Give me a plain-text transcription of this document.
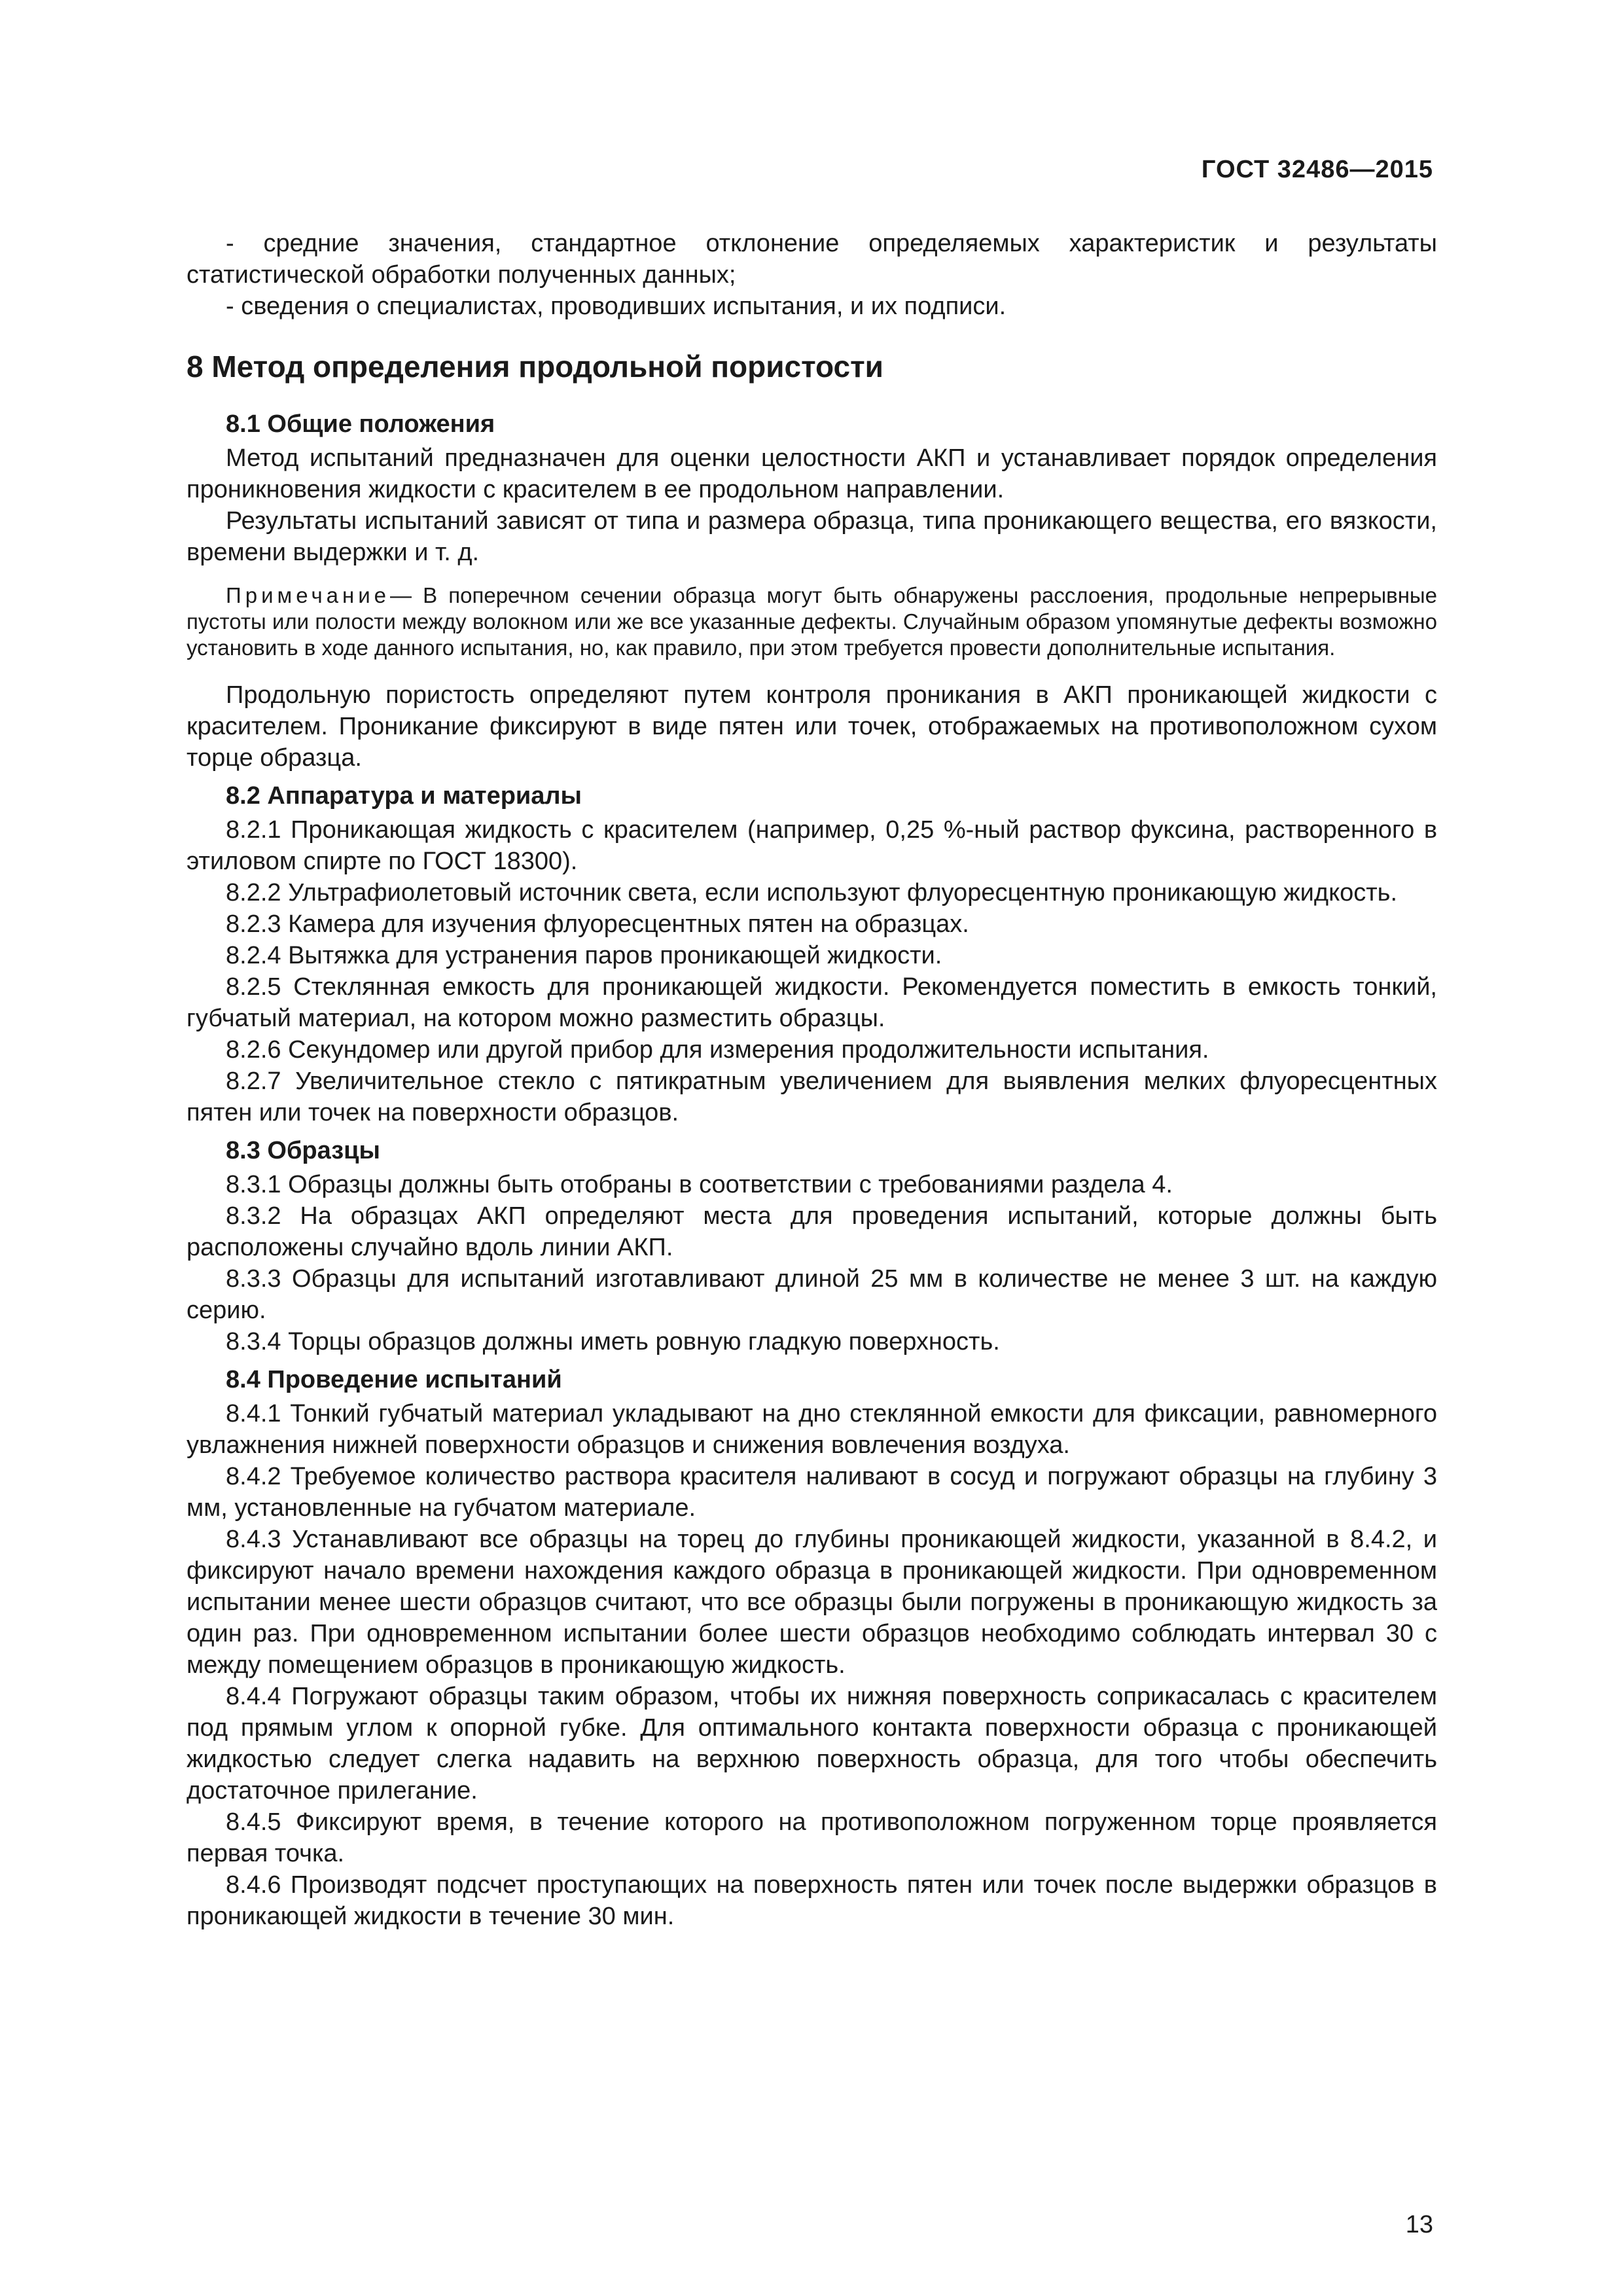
ГОСТ 32486—2015

- средние значения, стандартное отклонение определяемых характеристик и результаты статистической обработки полученных данных;

- сведения о специалистах, проводивших испытания, и их подписи.

8 Метод определения продольной пористости
8.1 Общие положения

Метод испытаний предназначен для оценки целостности АКП и устанавливает порядок определения проникновения жидкости с красителем в ее продольном направлении.

Результаты испытаний зависят от типа и размера образца, типа проникающего вещества, его вязкости, времени выдержки и т. д.

Примечание— В поперечном сечении образца могут быть обнаружены расслоения, продольные непрерывные пустоты или полости между волокном или же все указанные дефекты. Случайным образом упомянутые дефекты возможно установить в ходе данного испытания, но, как правило, при этом требуется провести дополнительные испытания.

Продольную пористость определяют путем контроля проникания в АКП проникающей жидкости с красителем. Проникание фиксируют в виде пятен или точек, отображаемых на противоположном сухом торце образца.

8.2 Аппаратура и материалы

8.2.1 Проникающая жидкость с красителем (например, 0,25 %-ный раствор фуксина, растворенного в этиловом спирте по ГОСТ 18300).

8.2.2 Ультрафиолетовый источник света, если используют флуоресцентную проникающую жидкость.

8.2.3 Камера для изучения флуоресцентных пятен на образцах.

8.2.4 Вытяжка для устранения паров проникающей жидкости.

8.2.5 Стеклянная емкость для проникающей жидкости. Рекомендуется поместить в емкость тонкий, губчатый материал, на котором можно разместить образцы.

8.2.6 Секундомер или другой прибор для измерения продолжительности испытания.

8.2.7 Увеличительное стекло с пятикратным увеличением для выявления мелких флуоресцентных пятен или точек на поверхности образцов.

8.3 Образцы

8.3.1 Образцы должны быть отобраны в соответствии с требованиями раздела 4.

8.3.2 На образцах АКП определяют места для проведения испытаний, которые должны быть расположены случайно вдоль линии АКП.

8.3.3 Образцы для испытаний изготавливают длиной 25 мм в количестве не менее 3 шт. на каждую серию.

8.3.4 Торцы образцов должны иметь ровную гладкую поверхность.

8.4 Проведение испытаний

8.4.1 Тонкий губчатый материал укладывают на дно стеклянной емкости для фиксации, равномерного увлажнения нижней поверхности образцов и снижения вовлечения воздуха.

8.4.2 Требуемое количество раствора красителя наливают в сосуд и погружают образцы на глубину 3 мм, установленные на губчатом материале.

8.4.3 Устанавливают все образцы на торец до глубины проникающей жидкости, указанной в 8.4.2, и фиксируют начало времени нахождения каждого образца в проникающей жидкости. При одновременном испытании менее шести образцов считают, что все образцы были погружены в проникающую жидкость за один раз. При одновременном испытании более шести образцов необходимо соблюдать интервал 30 с между помещением образцов в проникающую жидкость.

8.4.4 Погружают образцы таким образом, чтобы их нижняя поверхность соприкасалась с красителем под прямым углом к опорной губке. Для оптимального контакта поверхности образца с проникающей жидкостью следует слегка надавить на верхнюю поверхность образца, для того чтобы обеспечить достаточное прилегание.

8.4.5 Фиксируют время, в течение которого на противоположном погруженном торце проявляется первая точка.

8.4.6 Производят подсчет проступающих на поверхность пятен или точек после выдержки образцов в проникающей жидкости в течение 30 мин.

13
